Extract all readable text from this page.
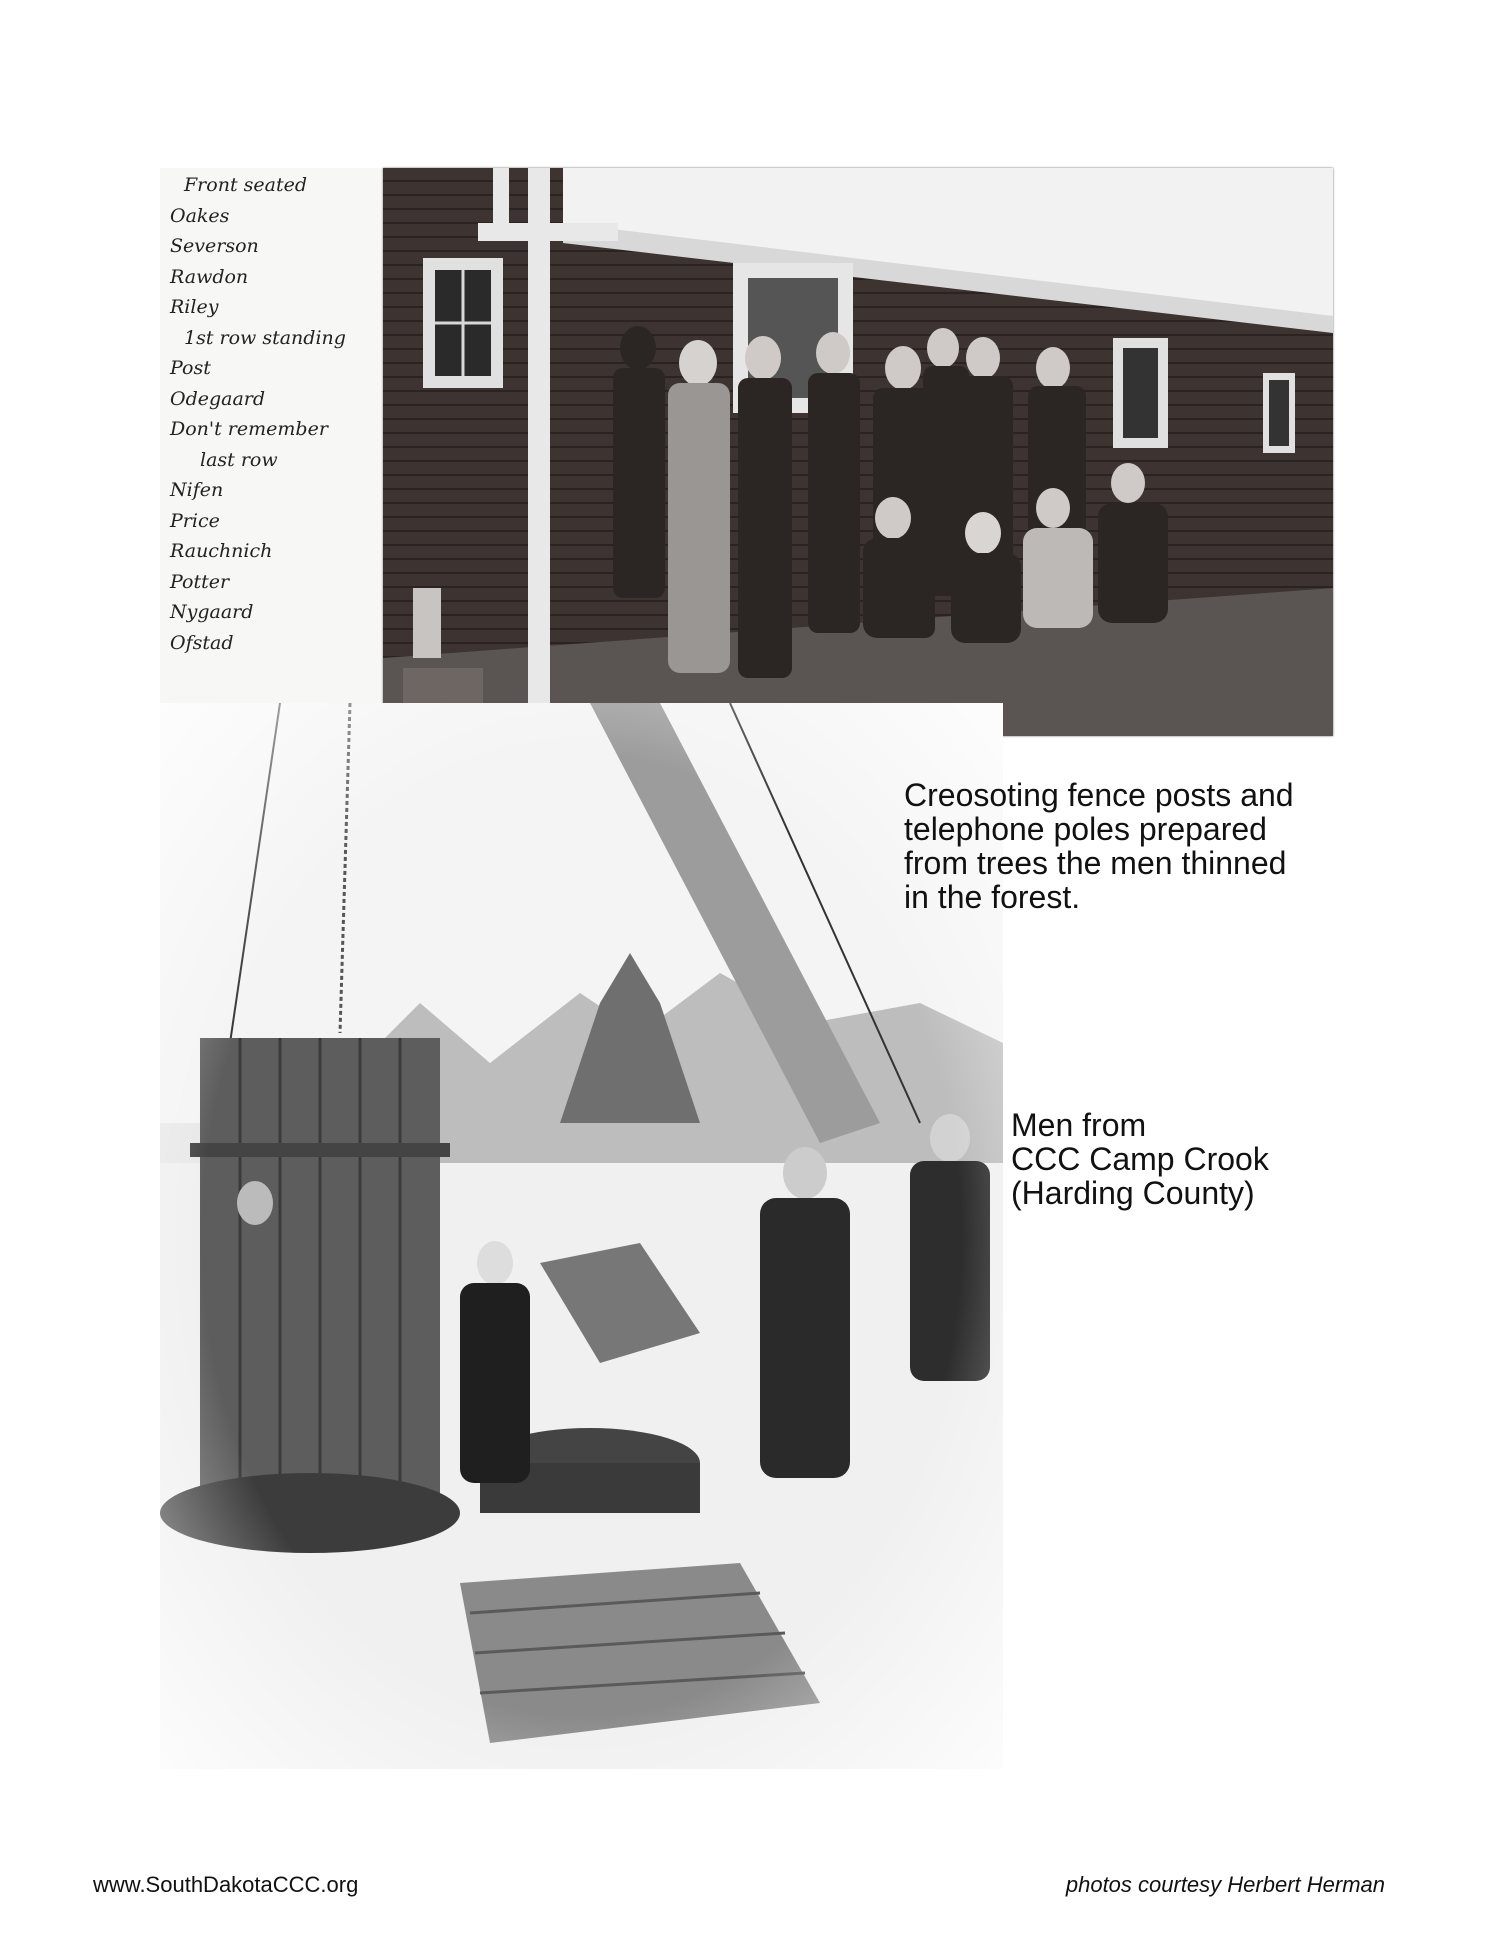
Front seated
Oakes
Severson
Rawdon
Riley
1st row standing
Post
Odegaard
Don't remember
last row
Nifen
Price
Rauchnich
Potter
Nygaard
Ofstad
Creosoting fence posts and
telephone poles prepared
from trees the men thinned
in the forest.
Men from
CCC Camp Crook
(Harding County)
www.SouthDakotaCCC.org	photos courtesy Herbert Herman
